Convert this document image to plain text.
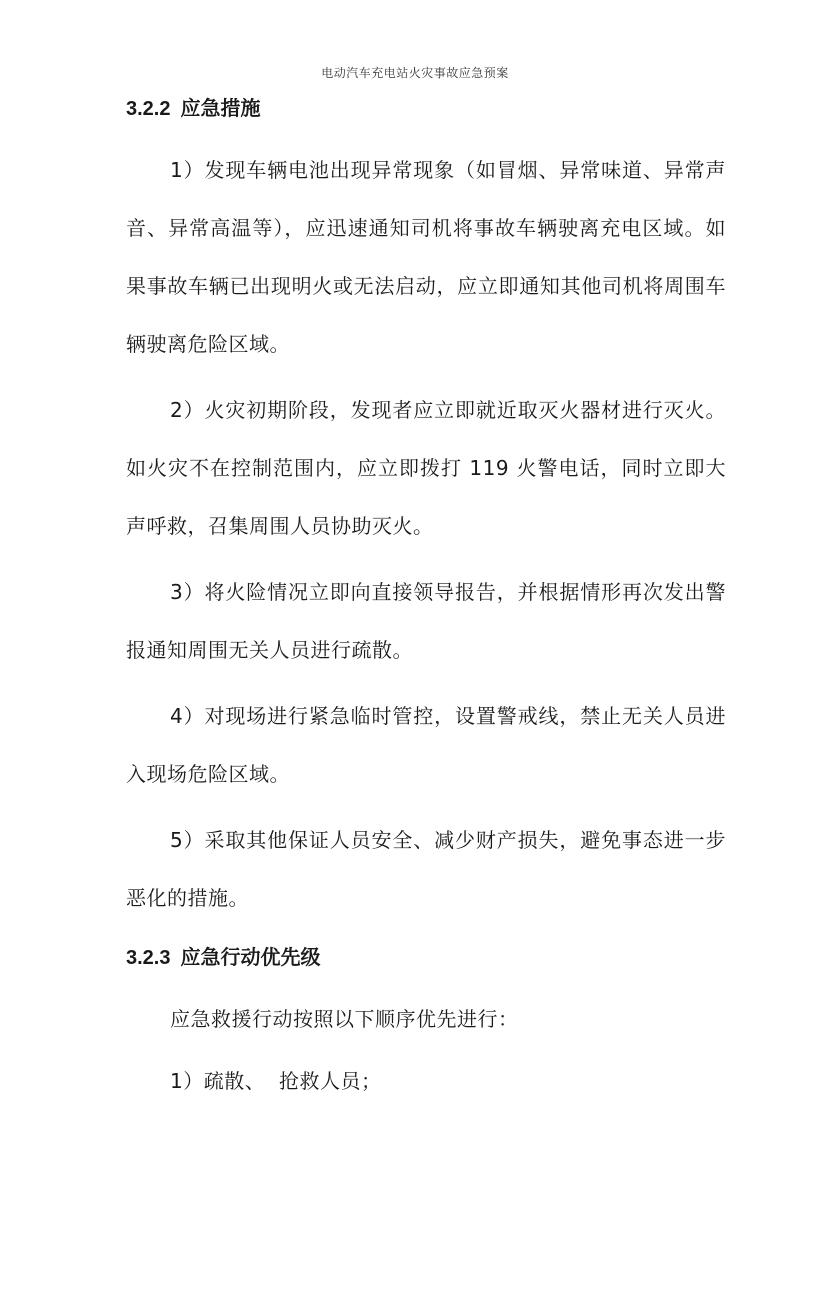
电动汽车充电站火灾事故应急预案
3.2.2 应急措施

1）发现车辆电池出现异常现象（如冒烟、异常味道、异常声音、异常高温等），应迅速通知司机将事故车辆驶离充电区域。如果事故车辆已出现明火或无法启动，应立即通知其他司机将周围车辆驶离危险区域。

2）火灾初期阶段，发现者应立即就近取灭火器材进行灭火。如火灾不在控制范围内，应立即拨打 119 火警电话，同时立即大声呼救，召集周围人员协助灭火。

3）将火险情况立即向直接领导报告，并根据情形再次发出警报通知周围无关人员进行疏散。

4）对现场进行紧急临时管控，设置警戒线，禁止无关人员进入现场危险区域。

5）采取其他保证人员安全、减少财产损失，避免事态进一步恶化的措施。

3.2.3 应急行动优先级

应急救援行动按照以下顺序优先进行：

1）疏散、  抢救人员；
